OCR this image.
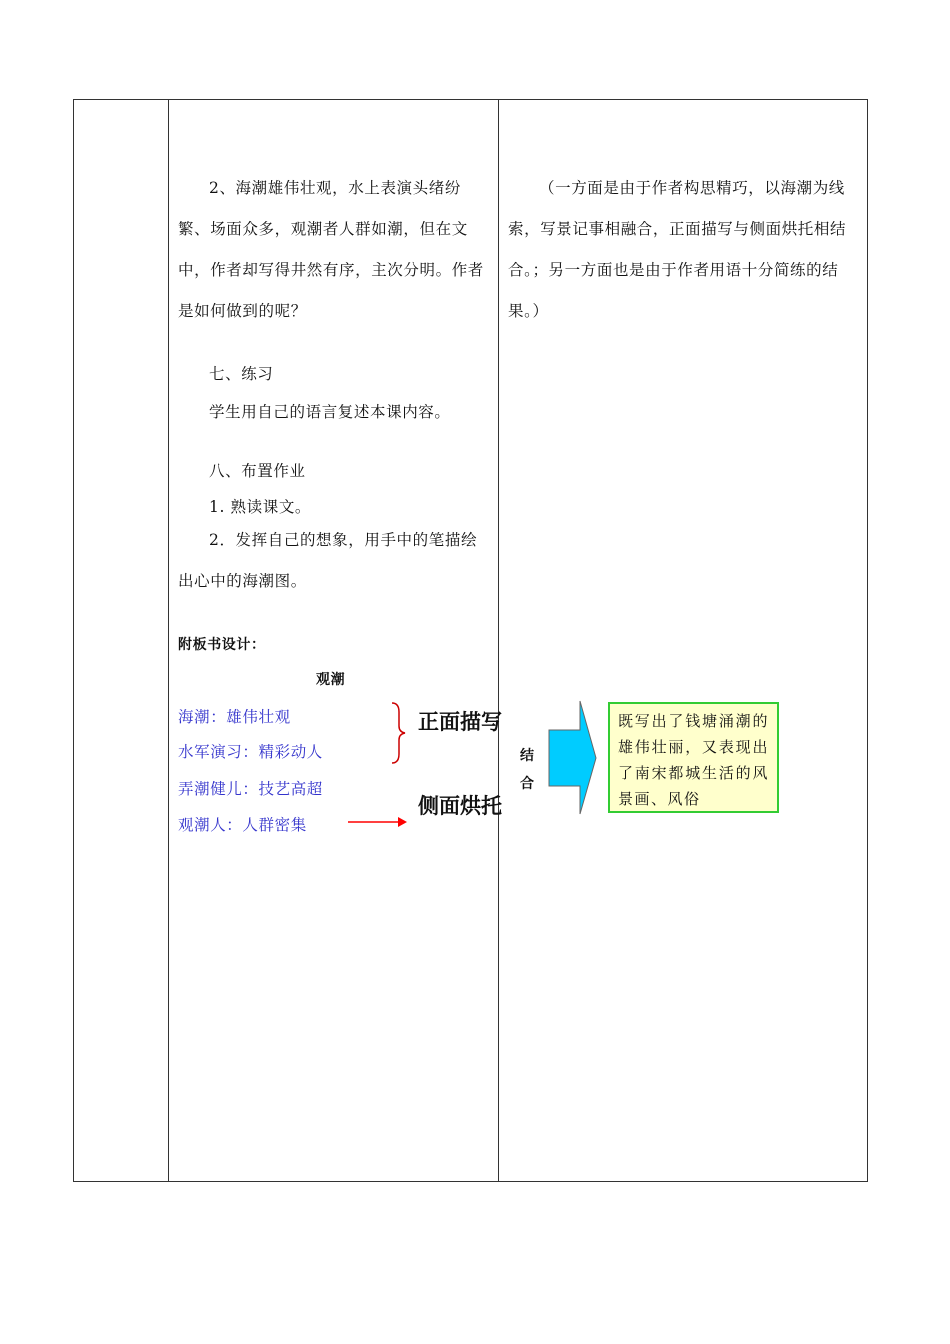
2、海潮雄伟壮观，水上表演头绪纷繁、场面众多，观潮者人群如潮，但在文中，作者却写得井然有序，主次分明。作者是如何做到的呢？
七、练习
学生用自己的语言复述本课内容。
八、布置作业
1. 熟读课文。
2．发挥自己的想象，用手中的笔描绘出心中的海潮图。
附板书设计：
观潮
海潮：雄伟壮观
水军演习：精彩动人
弄潮健儿：技艺高超
观潮人：人群密集
正面描写
侧面烘托
（一方面是由于作者构思精巧，以海潮为线索，写景记事相融合，正面描写与侧面烘托相结合。；另一方面也是由于作者用语十分简练的结果。）
结
合
既写出了钱塘涌潮的雄伟壮丽，又表现出了南宋都城生活的风景画、风俗
